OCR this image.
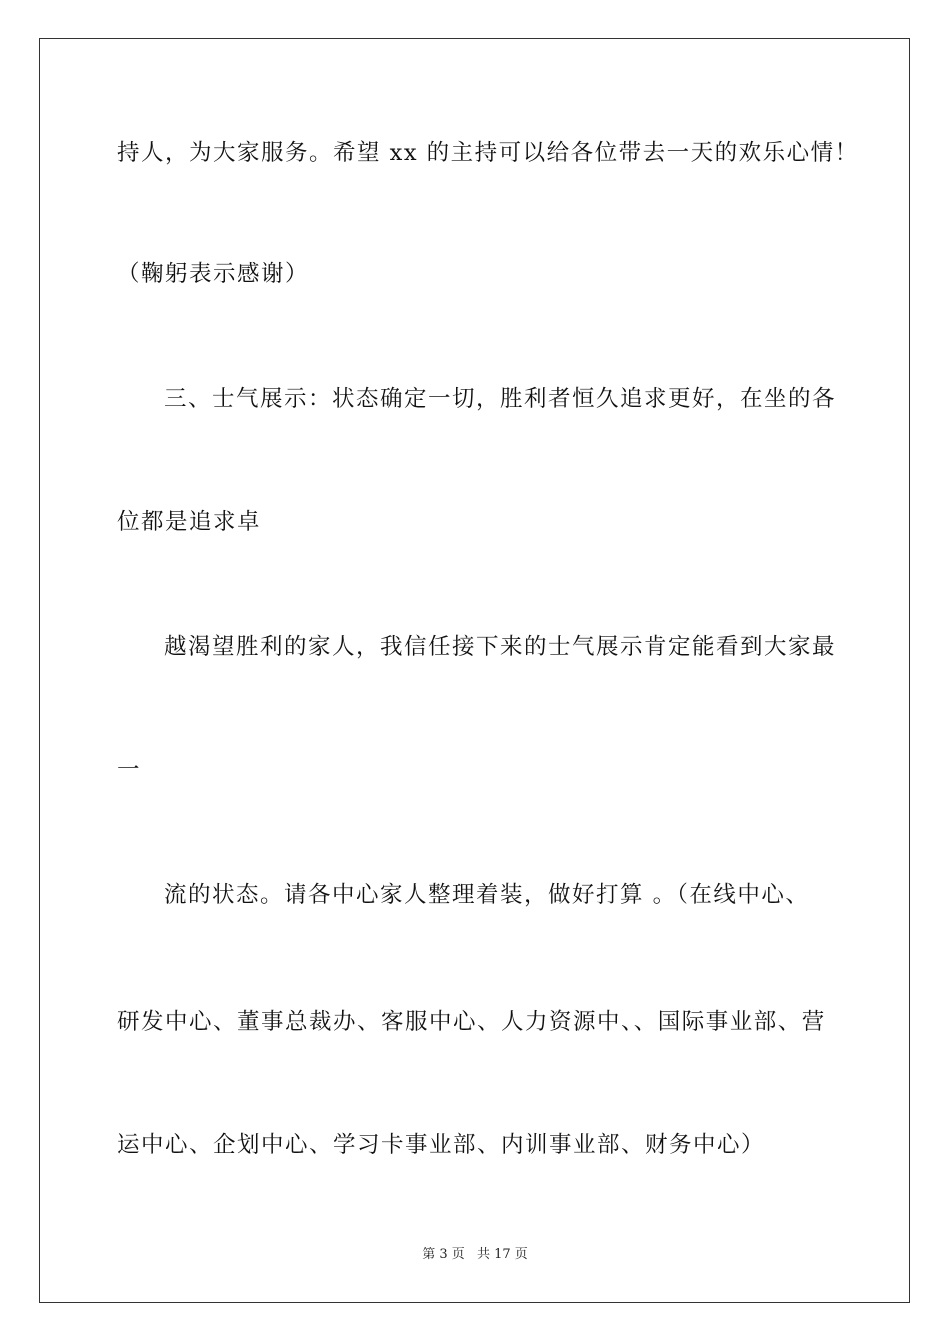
持人，为大家服务。希望 xx 的主持可以给各位带去一天的欢乐心情！
（鞠躬表示感谢）
三、士气展示：状态确定一切，胜利者恒久追求更好，在坐的各
位都是追求卓
越渴望胜利的家人，我信任接下来的士气展示肯定能看到大家最
一
流的状态。请各中心家人整理着装，做好打算 。（在线中心、
研发中心、董事总裁办、客服中心、人力资源中、、国际事业部、营
运中心、企划中心、学习卡事业部、内训事业部、财务中心）
第 3 页 共 17 页
